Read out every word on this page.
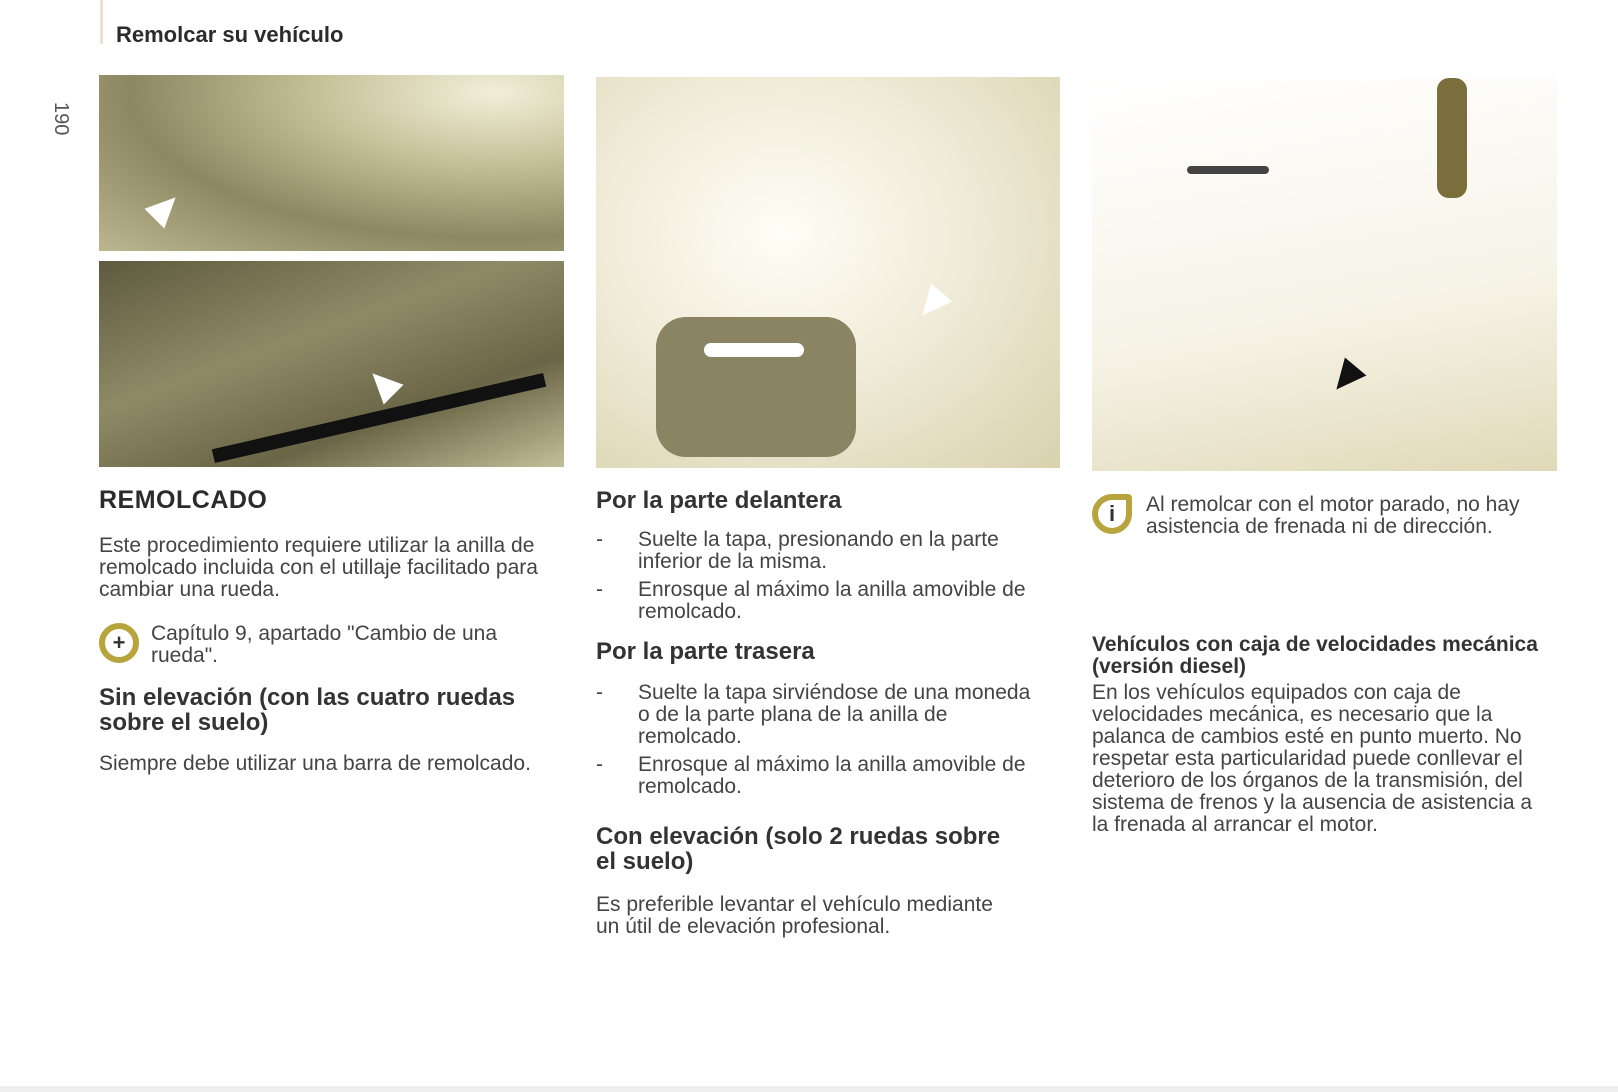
Remolcar su vehículo
190
REMOLCADO
Este procedimiento requiere utilizar la anilla de remolcado incluida con el utillaje facilitado para cambiar una rueda.
+	Capítulo 9, apartado "Cambio de una rueda".
Sin elevación (con las cuatro ruedas sobre el suelo)
Siempre debe utilizar una barra de remolcado.
Por la parte delantera
- Suelte la tapa, presionando en la parte inferior de la misma.
- Enrosque al máximo la anilla amovible de remolcado.
Por la parte trasera
- Suelte la tapa sirviéndose de una moneda o de la parte plana de la anilla de remolcado.
- Enrosque al máximo la anilla amovible de remolcado.
Con elevación (solo 2 ruedas sobre el suelo)
Es preferible levantar el vehículo mediante un útil de elevación profesional.
i	Al remolcar con el motor parado, no hay asistencia de frenada ni de dirección.
Vehículos con caja de velocidades mecánica (versión diesel)
En los vehículos equipados con caja de velocidades mecánica, es necesario que la palanca de cambios esté en punto muerto. No respetar esta particularidad puede conllevar el deterioro de los órganos de la transmisión, del sistema de frenos y la ausencia de asistencia a la frenada al arrancar el motor.
